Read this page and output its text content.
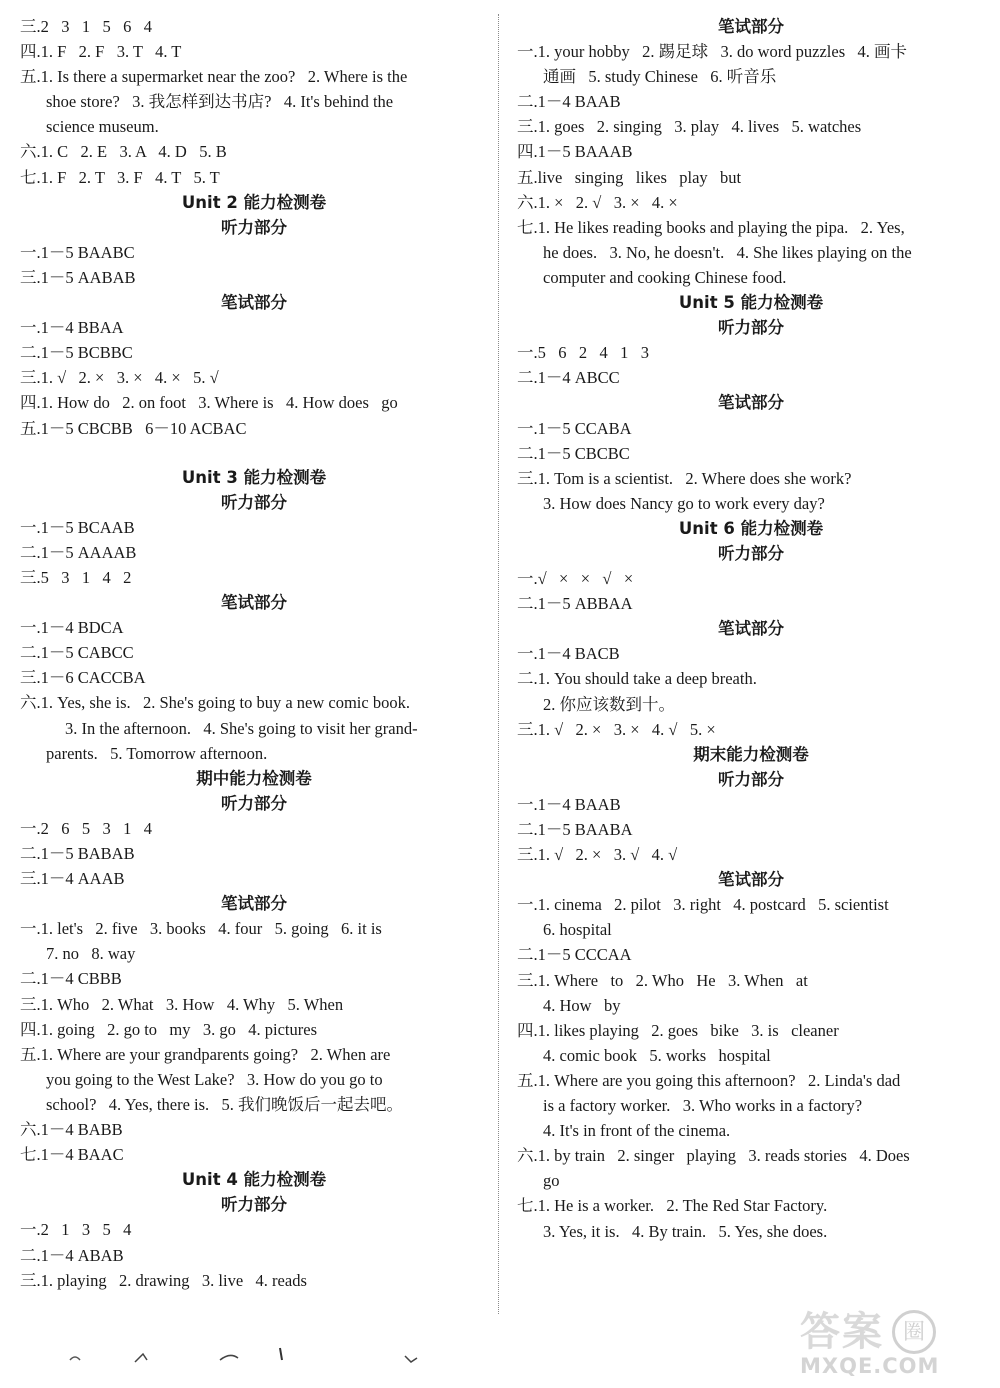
三.2   3   1   5   6   4
四.1. F   2. F   3. T   4. T
五.1. Is there a supermarket near the zoo?   2. Where is the
shoe store?   3. 我怎样到达书店?   4. It's behind the
science museum.
六.1. C   2. E   3. A   4. D   5. B
七.1. F   2. T   3. F   4. T   5. T
Unit 2 能力检测卷
听力部分
一.1－5 BAABC
三.1－5 AABAB
笔试部分
一.1－4 BBAA
二.1－5 BCBBC
三.1. √   2. ×   3. ×   4. ×   5. √
四.1. How do   2. on foot   3. Where is   4. How does   go
五.1－5 CBCBB   6－10 ACBAC
Unit 3 能力检测卷
听力部分
一.1－5 BCAAB
二.1－5 AAAAB
三.5   3   1   4   2
笔试部分
一.1－4 BDCA
二.1－5 CABCC
三.1－6 CACCBA
六.1. Yes, she is.   2. She's going to buy a new comic book.
3. In the afternoon.   4. She's going to visit her grand-
parents.   5. Tomorrow afternoon.
期中能力检测卷
听力部分
一.2   6   5   3   1   4
二.1－5 BABAB
三.1－4 AAAB
笔试部分
一.1. let's   2. five   3. books   4. four   5. going   6. it is
7. no   8. way
二.1－4 CBBB
三.1. Who   2. What   3. How   4. Why   5. When
四.1. going   2. go to   my   3. go   4. pictures
五.1. Where are your grandparents going?   2. When are
you going to the West Lake?   3. How do you go to
school?   4. Yes, there is.   5. 我们晚饭后一起去吧。
六.1－4 BABB
七.1－4 BAAC
Unit 4 能力检测卷
听力部分
一.2   1   3   5   4
二.1－4 ABAB
三.1. playing   2. drawing   3. live   4. reads
笔试部分
一.1. your hobby   2. 踢足球   3. do word puzzles   4. 画卡
通画   5. study Chinese   6. 听音乐
二.1－4 BAAB
三.1. goes   2. singing   3. play   4. lives   5. watches
四.1－5 BAAAB
五.live   singing   likes   play   but
六.1. ×   2. √   3. ×   4. ×
七.1. He likes reading books and playing the pipa.   2. Yes,
he does.   3. No, he doesn't.   4. She likes playing on the
computer and cooking Chinese food.
Unit 5 能力检测卷
听力部分
一.5   6   2   4   1   3
二.1－4 ABCC
笔试部分
一.1－5 CCABA
二.1－5 CBCBC
三.1. Tom is a scientist.   2. Where does she work?
3. How does Nancy go to work every day?
Unit 6 能力检测卷
听力部分
一.√   ×   ×   √   ×
二.1－5 ABBAA
笔试部分
一.1－4 BACB
二.1. You should take a deep breath.
2. 你应该数到十。
三.1. √   2. ×   3. ×   4. √   5. ×
期末能力检测卷
听力部分
一.1－4 BAAB
二.1－5 BAABA
三.1. √   2. ×   3. √   4. √
笔试部分
一.1. cinema   2. pilot   3. right   4. postcard   5. scientist
6. hospital
二.1－5 CCCAA
三.1. Where   to   2. Who   He   3. When   at
4. How   by
四.1. likes playing   2. goes   bike   3. is   cleaner
4. comic book   5. works   hospital
五.1. Where are you going this afternoon?   2. Linda's dad
is a factory worker.   3. Who works in a factory?
4. It's in front of the cinema.
六.1. by train   2. singer   playing   3. reads stories   4. Does
go
七.1. He is a worker.   2. The Red Star Factory.
3. Yes, it is.   4. By train.   5. Yes, she does.
答案 圈
MXQE.COM
